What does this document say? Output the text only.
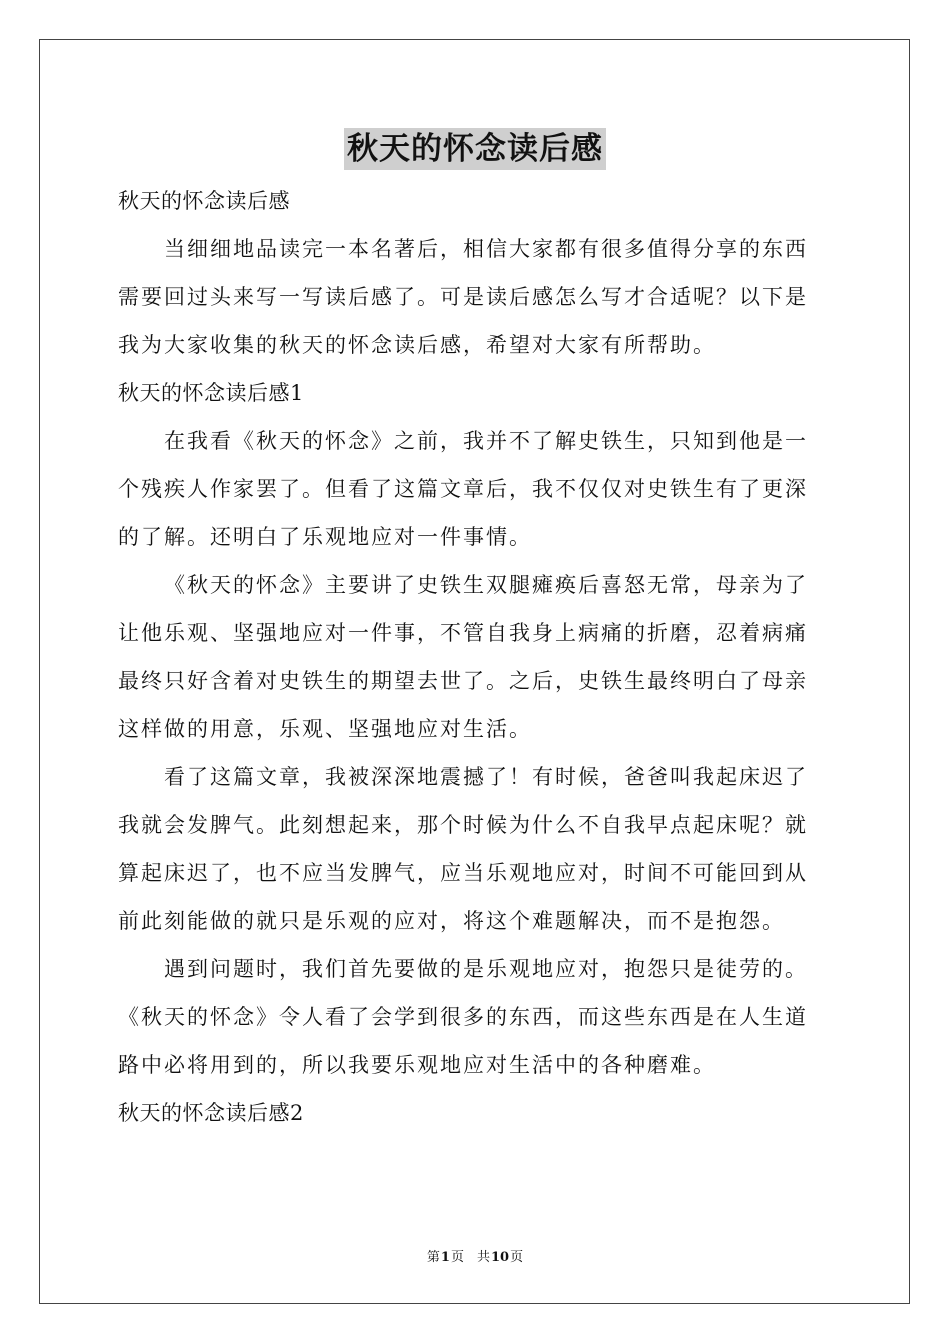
秋天的怀念读后感
秋天的怀念读后感
当细细地品读完一本名著后，相信大家都有很多值得分享的东西
需要回过头来写一写读后感了。可是读后感怎么写才合适呢？以下是
我为大家收集的秋天的怀念读后感，希望对大家有所帮助。
秋天的怀念读后感1
在我看《秋天的怀念》之前，我并不了解史铁生，只知到他是一
个残疾人作家罢了。但看了这篇文章后，我不仅仅对史铁生有了更深
的了解。还明白了乐观地应对一件事情。
《秋天的怀念》主要讲了史铁生双腿瘫痪后喜怒无常，母亲为了
让他乐观、坚强地应对一件事，不管自我身上病痛的折磨，忍着病痛
最终只好含着对史铁生的期望去世了。之后，史铁生最终明白了母亲
这样做的用意，乐观、坚强地应对生活。
看了这篇文章，我被深深地震撼了！有时候，爸爸叫我起床迟了
我就会发脾气。此刻想起来，那个时候为什么不自我早点起床呢？就
算起床迟了，也不应当发脾气，应当乐观地应对，时间不可能回到从
前此刻能做的就只是乐观的应对，将这个难题解决，而不是抱怨。
遇到问题时，我们首先要做的是乐观地应对，抱怨只是徒劳的。
《秋天的怀念》令人看了会学到很多的东西，而这些东西是在人生道
路中必将用到的，所以我要乐观地应对生活中的各种磨难。
秋天的怀念读后感2
第1页　共10页
